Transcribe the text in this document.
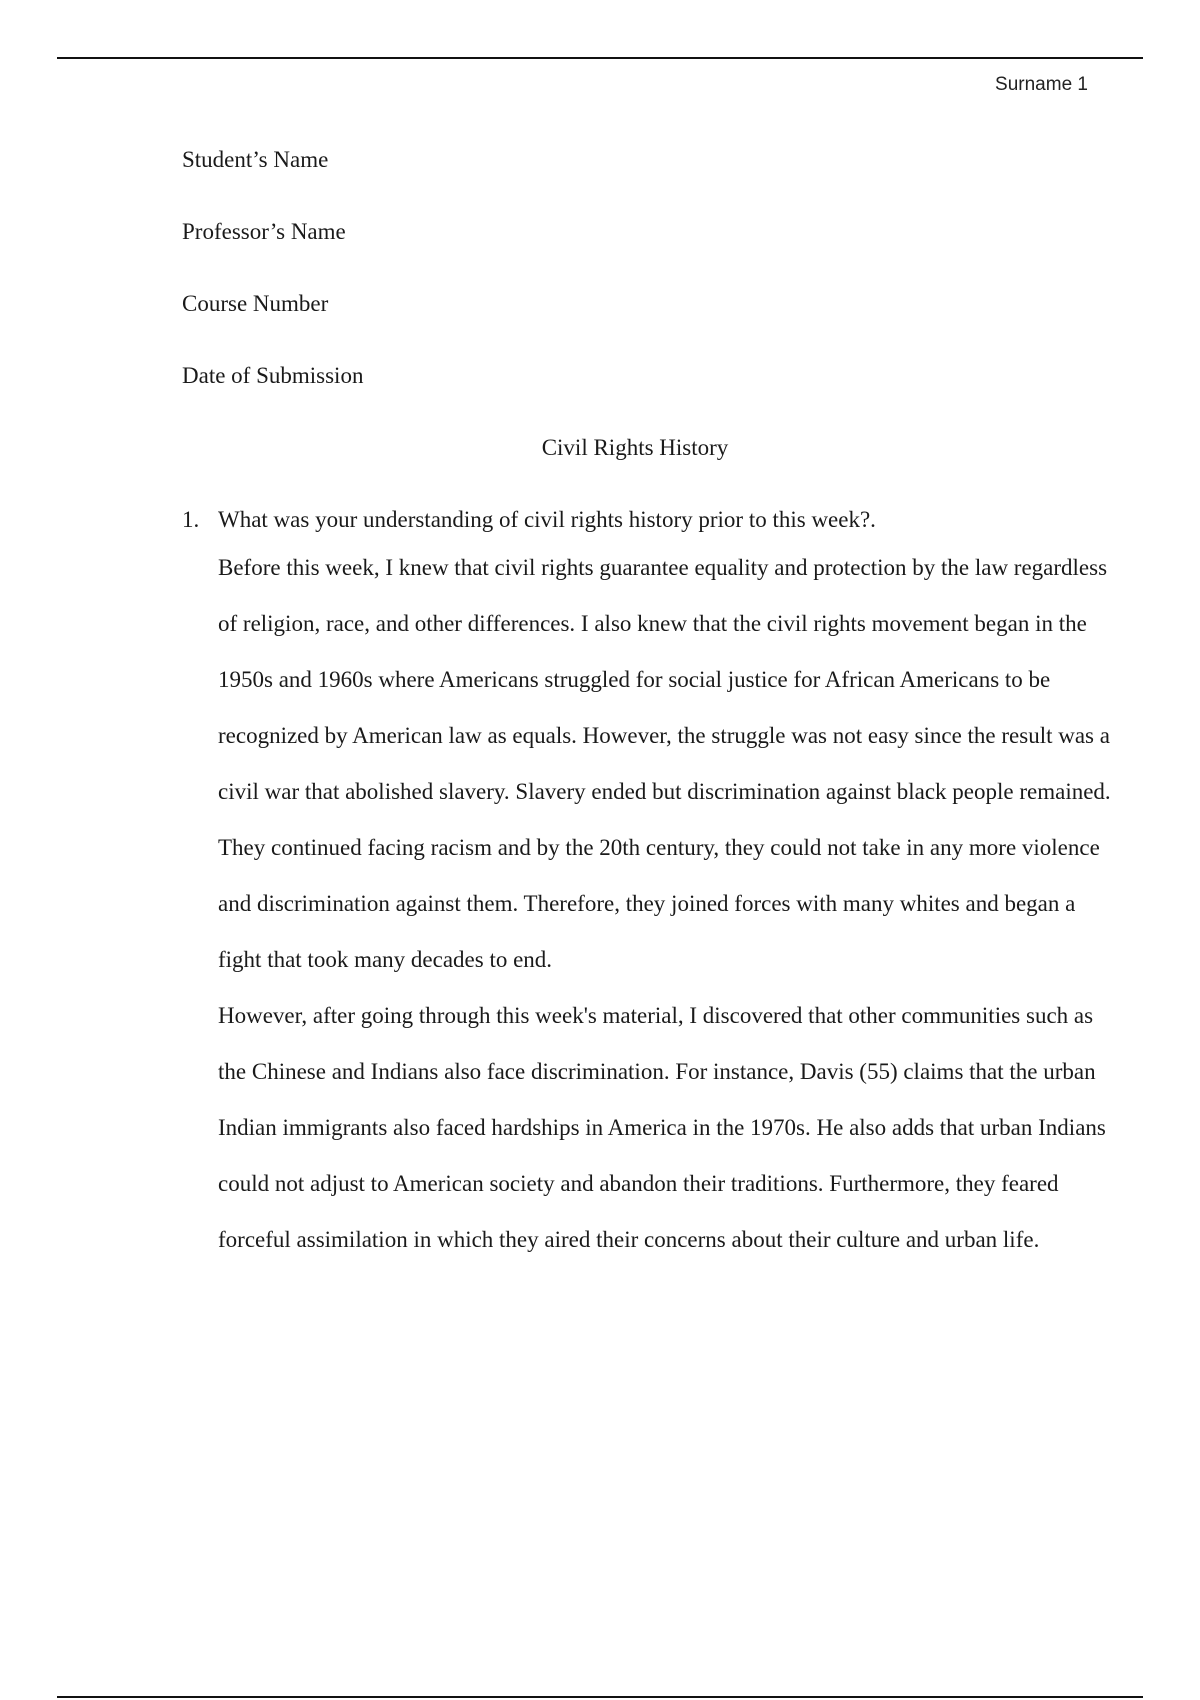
Surname 1
Student’s Name
Professor’s Name
Course Number
Date of Submission
Civil Rights History
1. What was your understanding of civil rights history prior to this week?.

Before this week, I knew that civil rights guarantee equality and protection by the law regardless of religion, race, and other differences. I also knew that the civil rights movement began in the 1950s and 1960s where Americans struggled for social justice for African Americans to be recognized by American law as equals. However, the struggle was not easy since the result was a civil war that abolished slavery. Slavery ended but discrimination against black people remained. They continued facing racism and by the 20th century, they could not take in any more violence and discrimination against them. Therefore, they joined forces with many whites and began a fight that took many decades to end.

However, after going through this week's material, I discovered that other communities such as the Chinese and Indians also face discrimination. For instance, Davis (55) claims that the urban Indian immigrants also faced hardships in America in the 1970s. He also adds that urban Indians could not adjust to American society and abandon their traditions. Furthermore, they feared forceful assimilation in which they aired their concerns about their culture and urban life.
